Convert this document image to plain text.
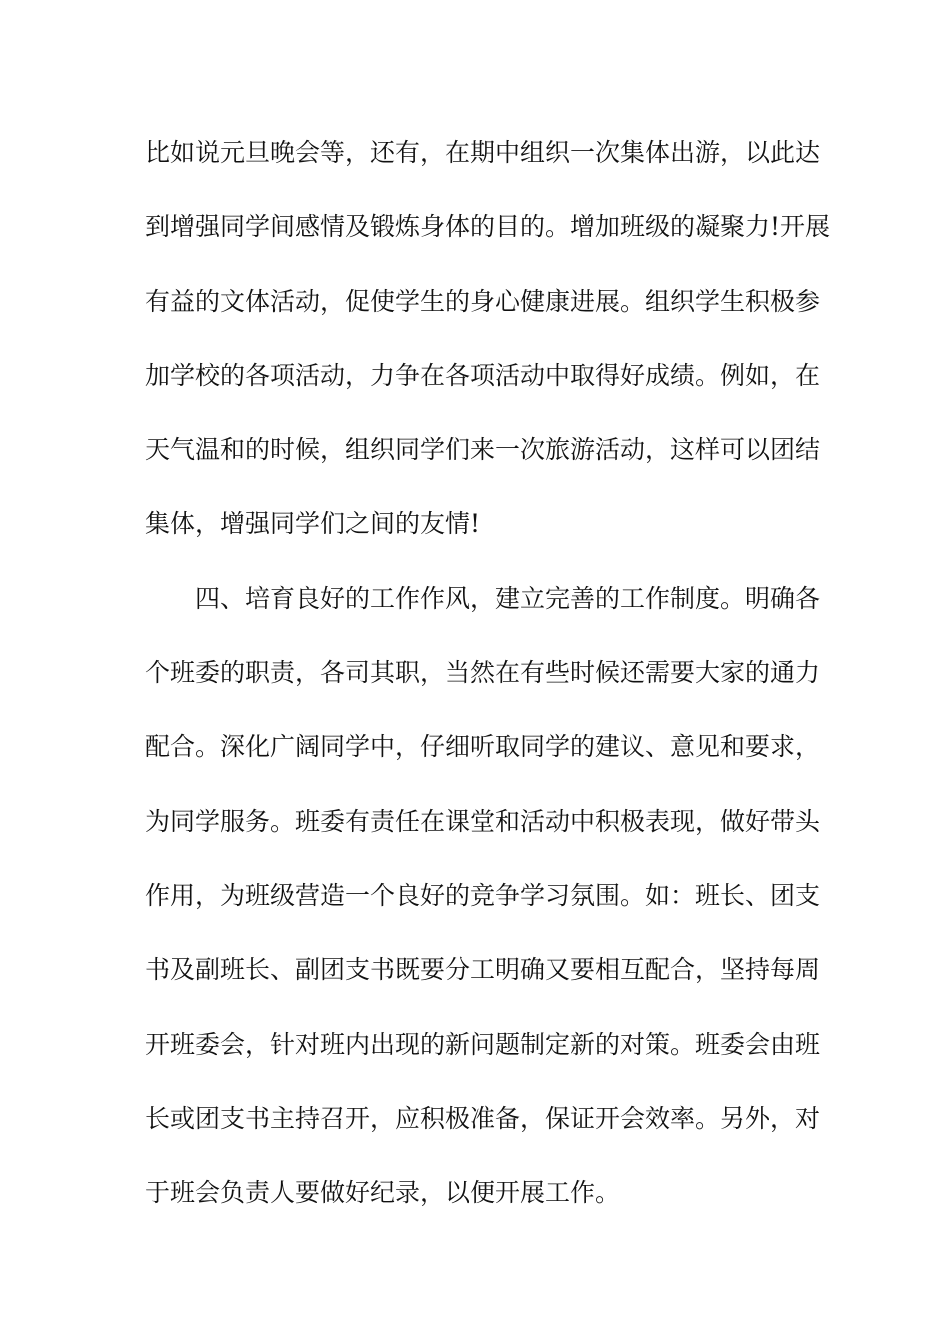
比如说元旦晚会等，还有，在期中组织一次集体出游，以此达
到增强同学间感情及锻炼身体的目的。增加班级的凝聚力!开展
有益的文体活动，促使学生的身心健康进展。组织学生积极参
加学校的各项活动，力争在各项活动中取得好成绩。例如，在
天气温和的时候，组织同学们来一次旅游活动，这样可以团结
集体，增强同学们之间的友情!
四、培育良好的工作作风，建立完善的工作制度。明确各
个班委的职责，各司其职，当然在有些时候还需要大家的通力
配合。深化广阔同学中，仔细听取同学的建议、意见和要求，
为同学服务。班委有责任在课堂和活动中积极表现，做好带头
作用，为班级营造一个良好的竞争学习氛围。如：班长、团支
书及副班长、副团支书既要分工明确又要相互配合，坚持每周
开班委会，针对班内出现的新问题制定新的对策。班委会由班
长或团支书主持召开，应积极准备，保证开会效率。另外，对
于班会负责人要做好纪录，以便开展工作。
